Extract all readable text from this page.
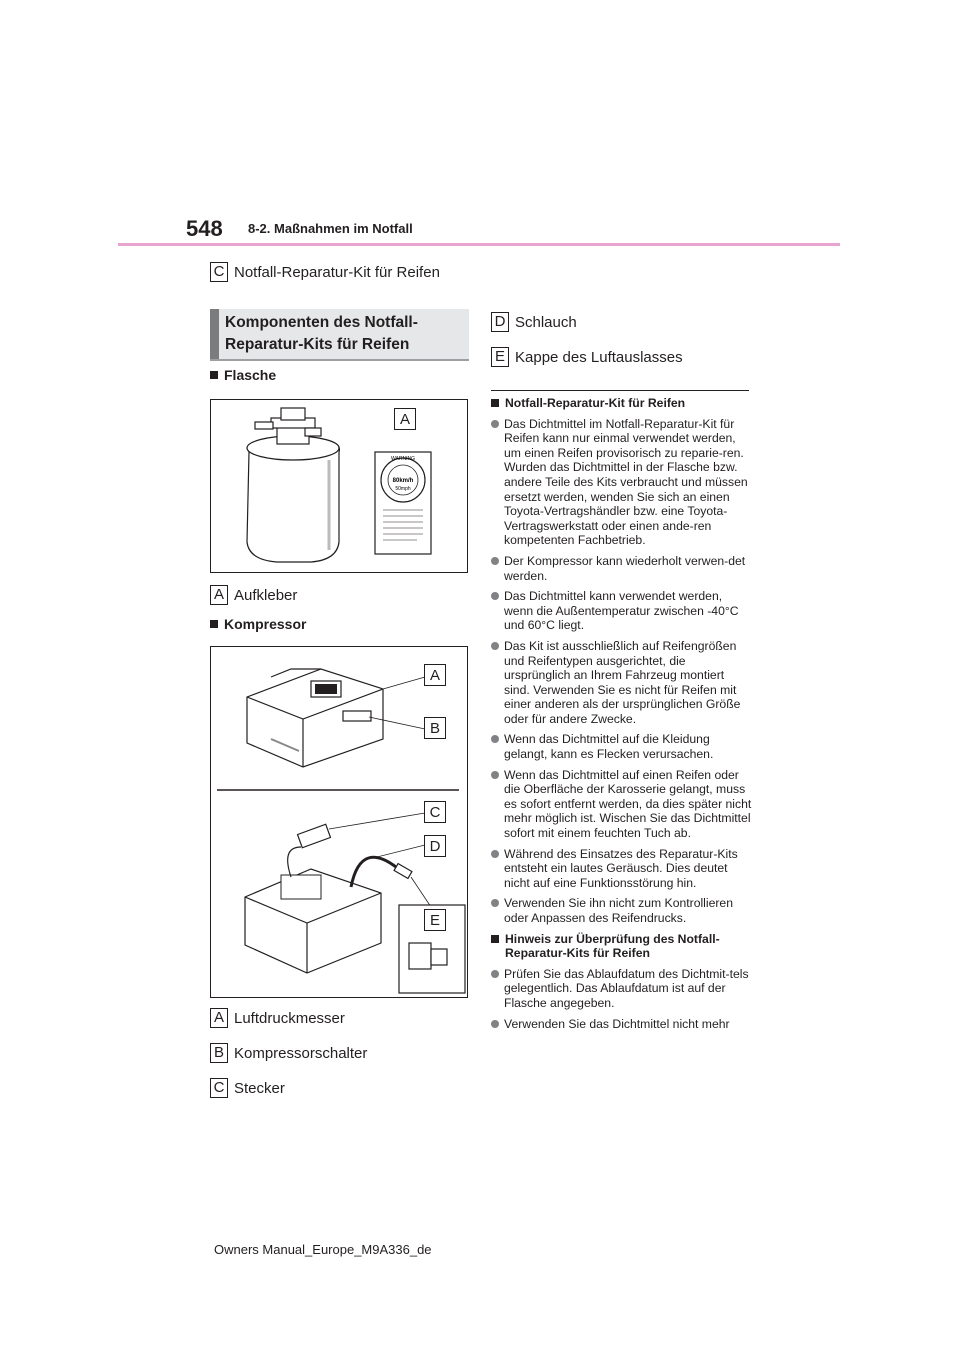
548 8-2. Maßnahmen im Notfall
C Notfall-Reparatur-Kit für Reifen
Komponenten des Notfall-Reparatur-Kits für Reifen
Flasche
WARNING
80km/h
50mph
A
A Aufkleber
Kompressor
A
B
C
D
E
A Luftdruckmesser
B Kompressorschalter
C Stecker
D Schlauch
E Kappe des Luftauslasses
Notfall-Reparatur-Kit für Reifen
Das Dichtmittel im Notfall-Reparatur-Kit für Reifen kann nur einmal verwendet werden, um einen Reifen provisorisch zu reparie-ren. Wurden das Dichtmittel in der Flasche bzw. andere Teile des Kits verbraucht und müssen ersetzt werden, wenden Sie sich an einen Toyota-Vertragshändler bzw. eine Toyota-Vertragswerkstatt oder einen ande-ren kompetenten Fachbetrieb.
Der Kompressor kann wiederholt verwen-det werden.
Das Dichtmittel kann verwendet werden, wenn die Außentemperatur zwischen -40°C und 60°C liegt.
Das Kit ist ausschließlich auf Reifengrößen und Reifentypen ausgerichtet, die ursprünglich an Ihrem Fahrzeug montiert sind. Verwenden Sie es nicht für Reifen mit einer anderen als der ursprünglichen Größe oder für andere Zwecke.
Wenn das Dichtmittel auf die Kleidung gelangt, kann es Flecken verursachen.
Wenn das Dichtmittel auf einen Reifen oder die Oberfläche der Karosserie gelangt, muss es sofort entfernt werden, da dies später nicht mehr möglich ist. Wischen Sie das Dichtmittel sofort mit einem feuchten Tuch ab.
Während des Einsatzes des Reparatur-Kits entsteht ein lautes Geräusch. Dies deutet nicht auf eine Funktionsstörung hin.
Verwenden Sie ihn nicht zum Kontrollieren oder Anpassen des Reifendrucks.
Hinweis zur Überprüfung des Notfall-Reparatur-Kits für Reifen
Prüfen Sie das Ablaufdatum des Dichtmit-tels gelegentlich. Das Ablaufdatum ist auf der Flasche angegeben.
Verwenden Sie das Dichtmittel nicht mehr
Owners Manual_Europe_M9A336_de
